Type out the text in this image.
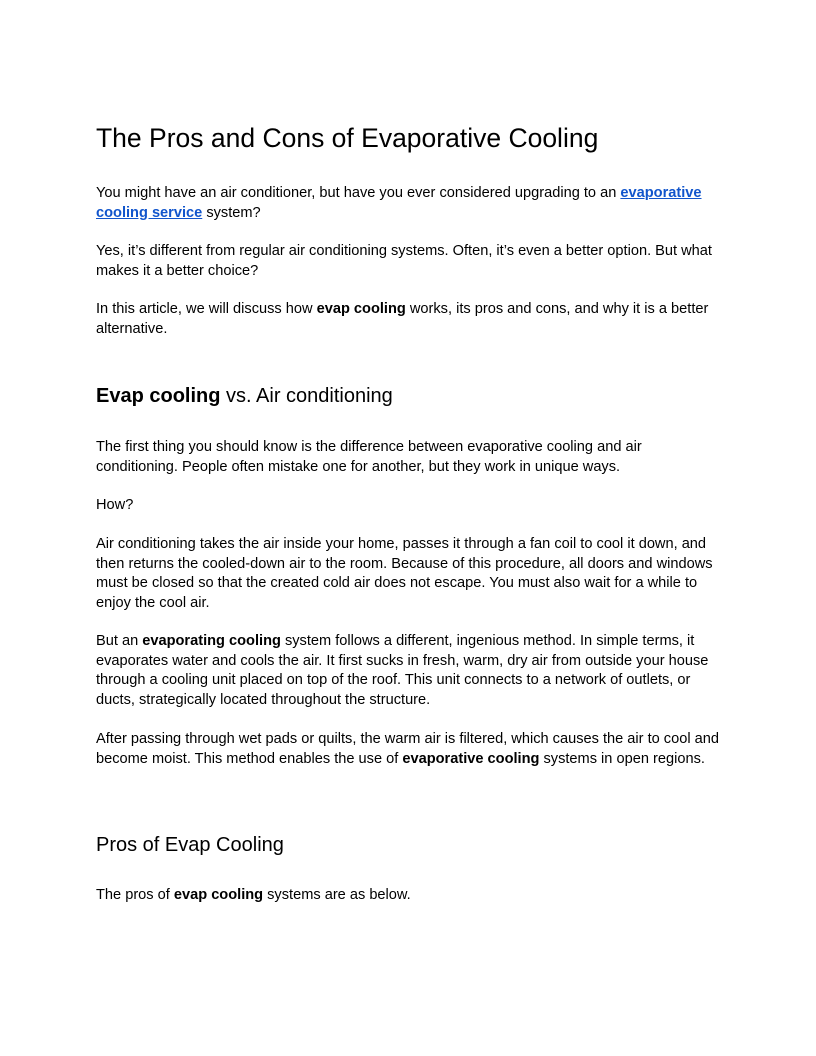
The Pros and Cons of Evaporative Cooling

You might have an air conditioner, but have you ever considered upgrading to an evaporative cooling service system?

Yes, it’s different from regular air conditioning systems. Often, it’s even a better option. But what makes it a better choice?

In this article, we will discuss how evap cooling works, its pros and cons, and why it is a better alternative.

Evap cooling vs. Air conditioning

The first thing you should know is the difference between evaporative cooling and air conditioning. People often mistake one for another, but they work in unique ways.

How?

Air conditioning takes the air inside your home, passes it through a fan coil to cool it down, and then returns the cooled-down air to the room. Because of this procedure, all doors and windows must be closed so that the created cold air does not escape. You must also wait for a while to enjoy the cool air.

But an evaporating cooling system follows a different, ingenious method. In simple terms, it evaporates water and cools the air. It first sucks in fresh, warm, dry air from outside your house through a cooling unit placed on top of the roof. This unit connects to a network of outlets, or ducts, strategically located throughout the structure.

After passing through wet pads or quilts, the warm air is filtered, which causes the air to cool and become moist. This method enables the use of evaporative cooling systems in open regions.

Pros of Evap Cooling

The pros of evap cooling systems are as below.
